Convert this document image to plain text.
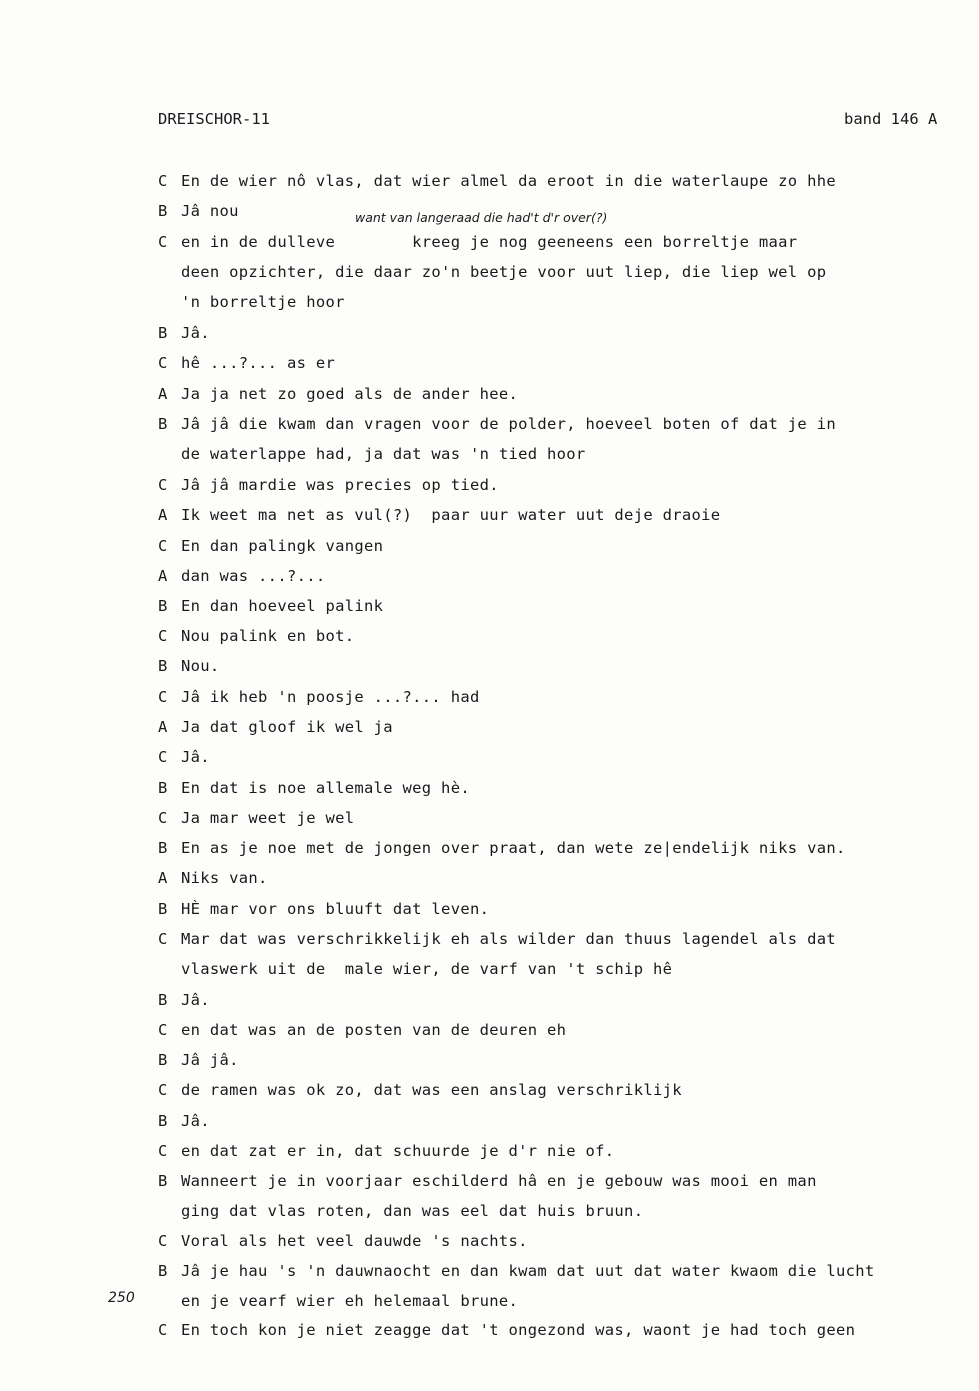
DREISCHOR-11	band 146 A
want van langeraad die had't d'r over(?)
C En de wier nô vlas, dat wier almel da eroot in die waterlaupe zo hhe
B Jâ nou
C en in de dulleve        kreeg je nog geeneens een borreltje maar
deen opzichter, die daar zo'n beetje voor uut liep, die liep wel op
'n borreltje hoor
B Jâ.
C hê ...?... as er
A Ja ja net zo goed als de ander hee.
B Jâ jâ die kwam dan vragen voor de polder, hoeveel boten of dat je in
de waterlappe had, ja dat was 'n tied hoor
C Jâ jâ mardie was precies op tied.
A Ik weet ma net as vul(?)  paar uur water uut deje draoie
C En dan palingk vangen
A dan was ...?...
B En dan hoeveel palink
C Nou palink en bot.
B Nou.
C Jâ ik heb 'n poosje ...?... had
A Ja dat gloof ik wel ja
C Jâ.
B En dat is noe allemale weg hè.
C Ja mar weet je wel
B En as je noe met de jongen over praat, dan wete ze|endelijk niks van.
A Niks van.
B HÈ mar vor ons bluuft dat leven.
C Mar dat was verschrikkelijk eh als wilder dan thuus lagendel als dat
vlaswerk uit de  male wier, de varf van 't schip hê
B Jâ.
C en dat was an de posten van de deuren eh
B Jâ jâ.
C de ramen was ok zo, dat was een anslag verschriklijk
B Jâ.
C en dat zat er in, dat schuurde je d'r nie of.
B Wanneert je in voorjaar eschilderd hâ en je gebouw was mooi en man
ging dat vlas roten, dan was eel dat huis bruun.
C Voral als het veel dauwde 's nachts.
B Jâ je hau 's 'n dauwnaocht en dan kwam dat uut dat water kwaom die lucht
en je vearf wier eh helemaal brune.
C En toch kon je niet zeagge dat 't ongezond was, waont je had toch geen
250
